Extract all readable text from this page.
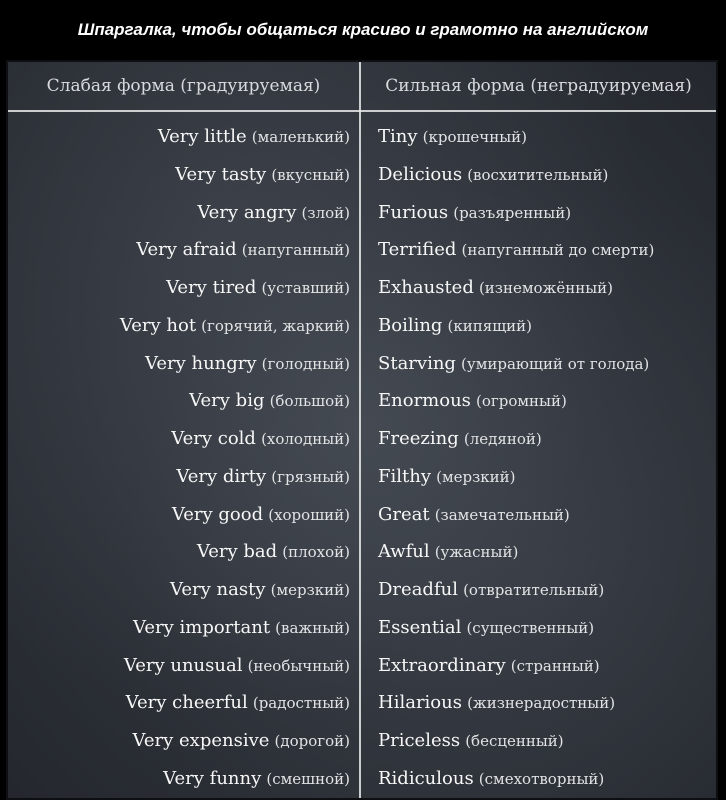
Шпаргалка, чтобы общаться красиво и грамотно на английском
Слабая форма (градуируемая)	Сильная форма (неградуируемая)
Very little (маленький) Tiny (крошечный)
Very tasty (вкусный) Delicious (восхитительный)
Very angry (злой) Furious (разъяренный)
Very afraid (напуганный) Terrified (напуганный до смерти)
Very tired (уставший) Exhausted (изнеможённый)
Very hot (горячий, жаркий) Boiling (кипящий)
Very hungry (голодный) Starving (умирающий от голода)
Very big (большой) Enormous (огромный)
Very cold (холодный) Freezing (ледяной)
Very dirty (грязный) Filthy (мерзкий)
Very good (хороший) Great (замечательный)
Very bad (плохой) Awful (ужасный)
Very nasty (мерзкий) Dreadful (отвратительный)
Very important (важный) Essential (существенный)
Very unusual (необычный) Extraordinary (странный)
Very cheerful (радостный) Hilarious (жизнерадостный)
Very expensive (дорогой) Priceless (бесценный)
Very funny (смешной) Ridiculous (смехотворный)
